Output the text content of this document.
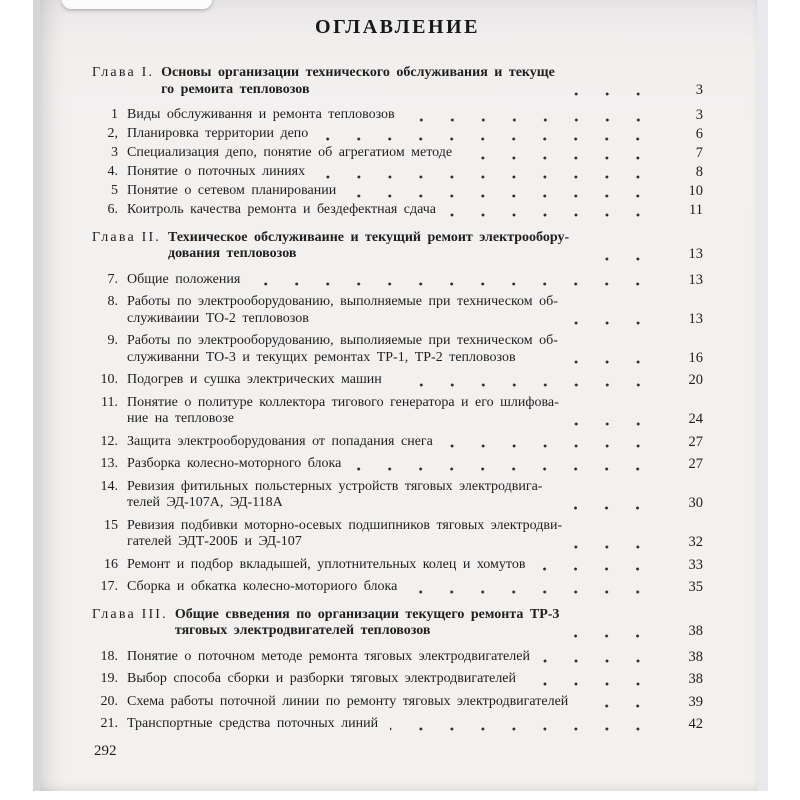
ОГЛАВЛЕНИЕ
Глава I. Основы организации технического обслуживания и текуще
го ремоита тепловозов	3
1 Виды обслуживання и ремонта тепловозов	3
2, Планировка территории депо	6
3 Специализация депо, понятие об агрегатиом методе	7
4. Понятие о поточных линиях	8
5 Понятие о сетевом планировании	10
6. Коитроль качества ремонта и бездефектная сдача	11
Глава II. Техиическое обслуживаине и текущий ремоит электрообору-
дования тепловозов	13
7. Общие положения	13
8. Работы по электрооборудованию, выполняемые при техническом об-
служиваиии ТО-2 тепловозов	13
9. Работы по электрооборудованию, выполияемые при техническом об-
служиванни ТО-3 и текущих ремонтах ТР-1, ТР-2 тепловозов	16
10. Подогрев и сушка электрических машин	20
11. Понятие о политуре коллектора тигового генератора и его шлифова-
ние на тепловозе	24
12. Защита электрооборудования от попадания снега	27
13. Разборка колесно-моторного блока	27
14. Ревизия фитильных польстерных устройств тяговых электродвига-
телей ЭД-107А, ЭД-118А	30
15 Ревизия подбивки моторно-осевых подшипников тяговых электродви-
гателей ЭДТ-200Б и ЭД-107	32
16 Ремонт и подбор вкладышей, уплотнительных колец и хомутов	33
17. Сборка и обкатка колесно-моториого блока	35
Глава III. Общие свведения по организации текущего ремонта ТР-3
тяговых электродвигателей тепловозов	38
18. Понятие о поточном методе ремонта тяговых электродвигателей	38
19. Выбор способа сборки и разборки тяговых электродвигателей	38
20. Схема работы поточной линии по ремонту тяговых электродвигателей	39
21. Транспортные средства поточных линий	42
292
